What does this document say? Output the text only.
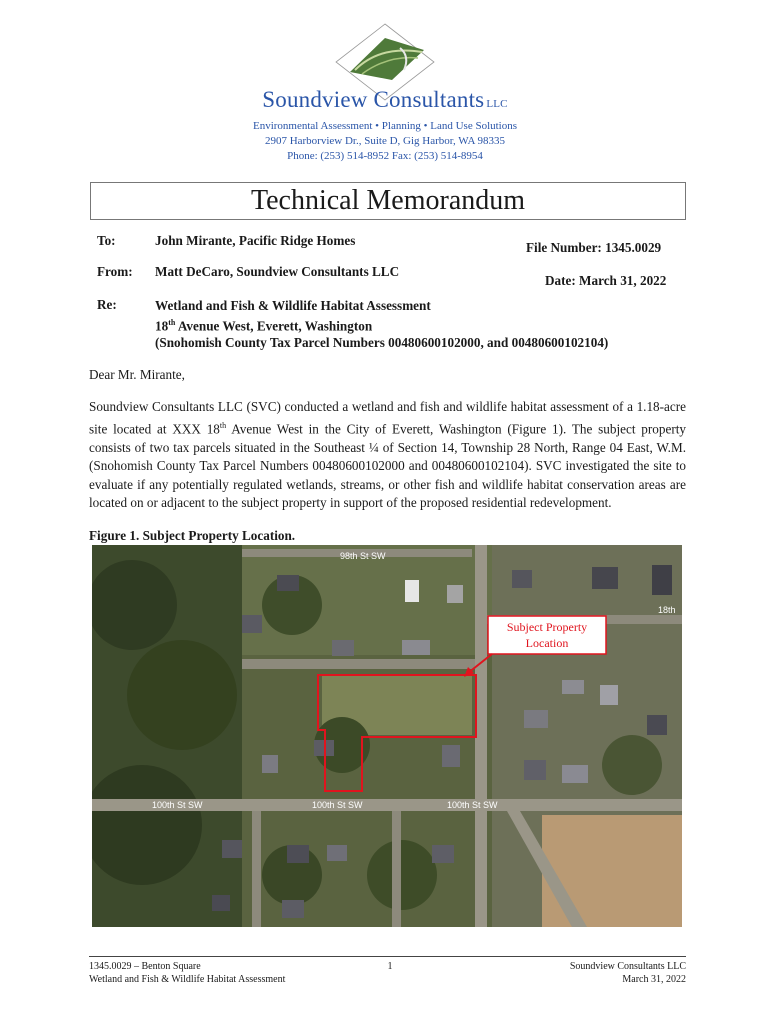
Soundview Consultants LLC
Environmental Assessment • Planning • Land Use Solutions
2907 Harborview Dr., Suite D, Gig Harbor, WA 98335
Phone: (253) 514-8952 Fax: (253) 514-8954
Technical Memorandum
To:	John Mirante, Pacific Ridge Homes	File Number: 1345.0029
From: Matt DeCaro, Soundview Consultants LLC
Date: March 31, 2022
Re:	Wetland and Fish & Wildlife Habitat Assessment
18th Avenue West, Everett, Washington
(Snohomish County Tax Parcel Numbers 00480600102000, and 00480600102104)
Dear Mr. Mirante,
Soundview Consultants LLC (SVC) conducted a wetland and fish and wildlife habitat assessment of a 1.18-acre site located at XXX 18th Avenue West in the City of Everett, Washington (Figure 1). The subject property consists of two tax parcels situated in the Southeast ¼ of Section 14, Township 28 North, Range 04 East, W.M. (Snohomish County Tax Parcel Numbers 00480600102000 and 00480600102104). SVC investigated the site to evaluate if any potentially regulated wetlands, streams, or other fish and wildlife habitat conservation areas are located on or adjacent to the subject property in support of the proposed residential redevelopment.
Figure 1. Subject Property Location.
98th St SW
18th
100th St SW	100th St SW	100th St SW
Subject Property
Location
1345.0029 – Benton Square
Wetland and Fish & Wildlife Habitat Assessment
1	Soundview Consultants LLC
March 31, 2022
